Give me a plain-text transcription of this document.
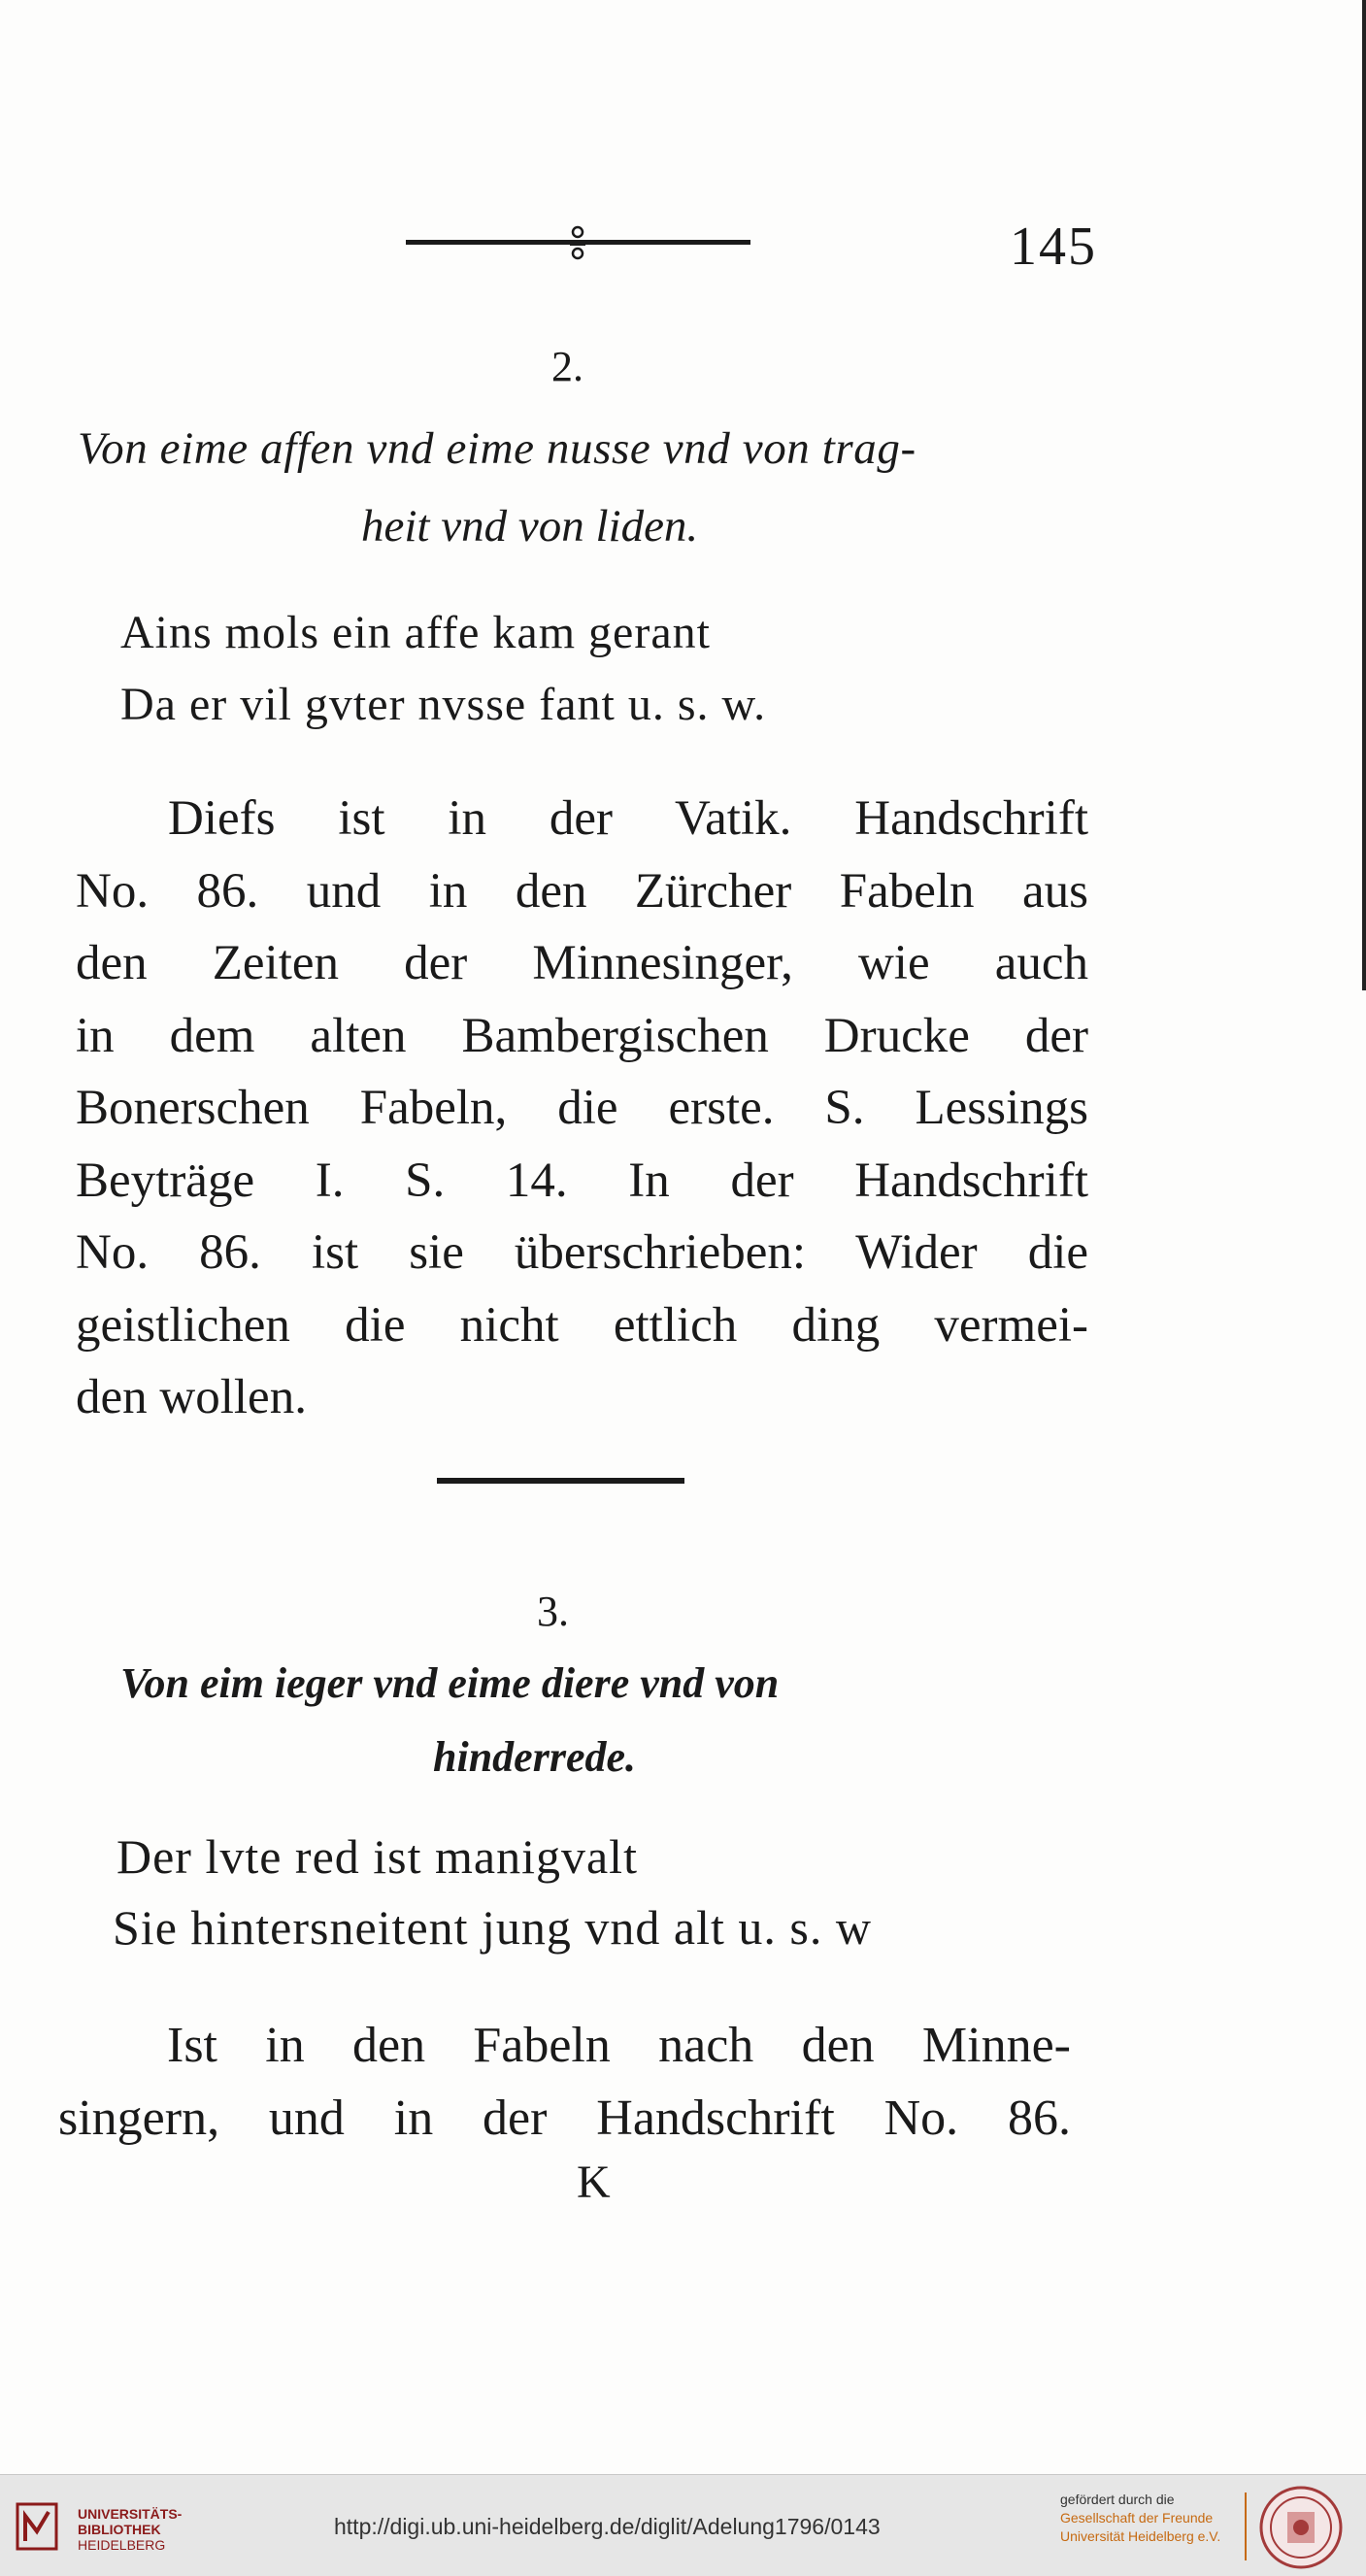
145
2.
Von eime affen vnd eime nusse vnd von trag-
heit vnd von liden.
Ains mols ein affe kam gerant
Da er vil gvter nvsse fant u. s. w.
Diefs ist in der Vatik. Handschrift
No. 86. und in den Zürcher Fabeln aus
den Zeiten der Minnesinger, wie auch
in dem alten Bambergischen Drucke der
Bonerschen Fabeln, die erste. S. Lessings
Beyträge I. S. 14. In der Handschrift
No. 86. ist sie überschrieben: Wider die
geistlichen die nicht ettlich ding vermei-
den wollen.
3.
Von eim ieger vnd eime diere vnd von
hinderrede.
Der lvte red ist manigvalt
Sie hintersneitent jung vnd alt u. s. w
Ist in den Fabeln nach den Minne-
singern, und in der Handschrift No. 86.
K
UNIVERSITÄTS-
BIBLIOTHEK
HEIDELBERG
http://digi.ub.uni-heidelberg.de/diglit/Adelung1796/0143
gefördert durch die
Gesellschaft der Freunde
Universität Heidelberg e.V.
